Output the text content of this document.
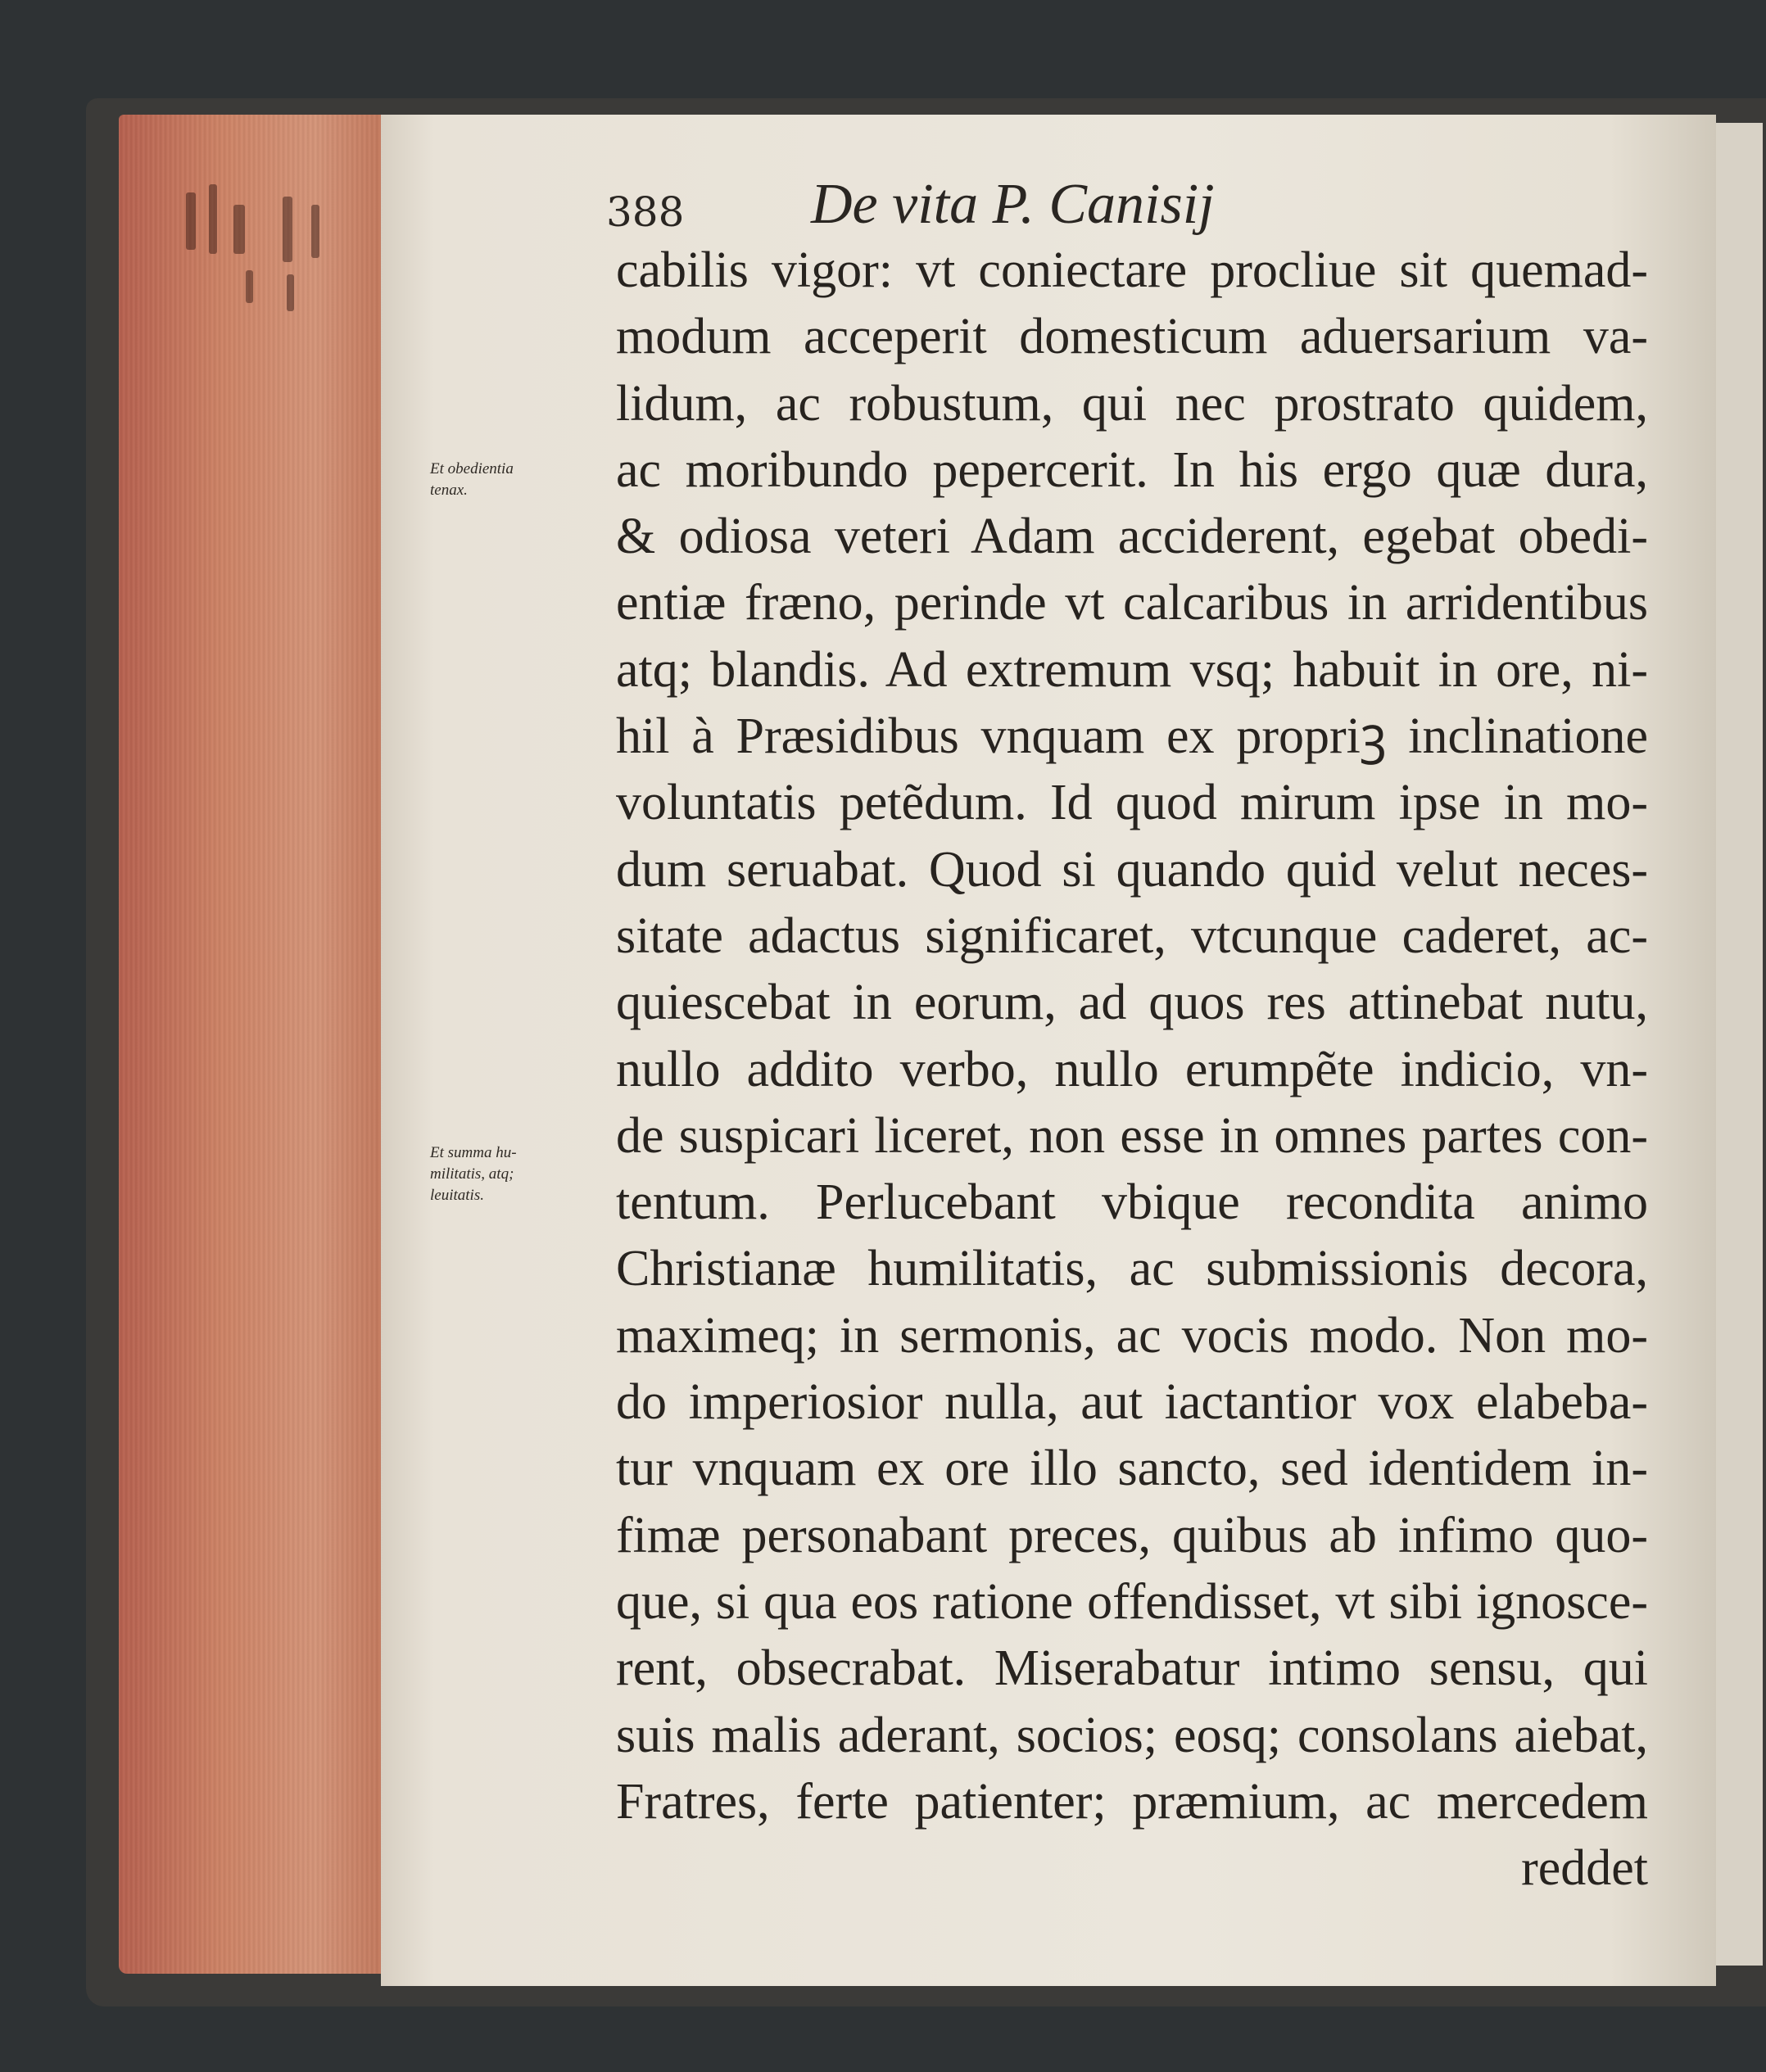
388 De vita P. Canisij
Et obedientia
tenax.
Et summa hu-
militatis, atq;
leuitatis.
cabilis vigor: vt coniectare procliue sit quemad-
modum acceperit domesticum aduersarium va-
lidum, ac robustum, qui nec prostrato quidem,
ac moribundo pepercerit. In his ergo quæ dura,
& odiosa veteri Adam acciderent, egebat obedi-
entiæ fræno, perinde vt calcaribus in arridentibus
atq; blandis. Ad extremum vsq; habuit in ore, ni-
hil à Præsidibus vnquam ex propriꝫ inclinatione
voluntatis petẽdum. Id quod mirum ipse in mo-
dum seruabat. Quod si quando quid velut neces-
sitate adactus significaret, vtcunque caderet, ac-
quiescebat in eorum, ad quos res attinebat nutu,
nullo addito verbo, nullo erumpẽte indicio, vn-
de suspicari liceret, non esse in omnes partes con-
tentum. Perlucebant vbique recondita animo
Christianæ humilitatis, ac submissionis decora,
maximeq; in sermonis, ac vocis modo. Non mo-
do imperiosior nulla, aut iactantior vox elabeba-
tur vnquam ex ore illo sancto, sed identidem in-
fimæ personabant preces, quibus ab infimo quo-
que, si qua eos ratione offendisset, vt sibi ignosce-
rent, obsecrabat. Miserabatur intimo sensu, qui
suis malis aderant, socios; eosq; consolans aiebat,
Fratres, ferte patienter; præmium, ac mercedem
reddet
